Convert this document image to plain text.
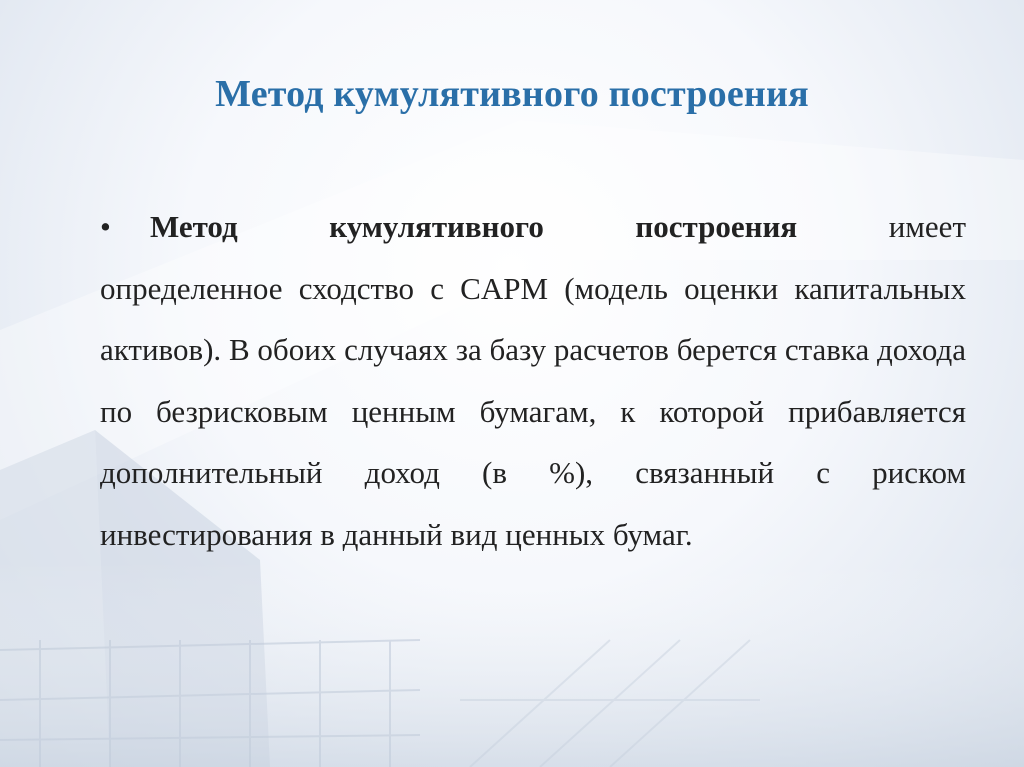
Метод кумулятивного построения
• Метод	кумулятивного	построения	имеет
определенное сходство с CAPM (модель оценки капитальных активов). В обоих случаях за базу расчетов берется ставка дохода по безрисковым ценным бумагам, к которой прибавляется дополнительный доход (в %), связанный с риском инвестирования в данный вид ценных бумаг.
